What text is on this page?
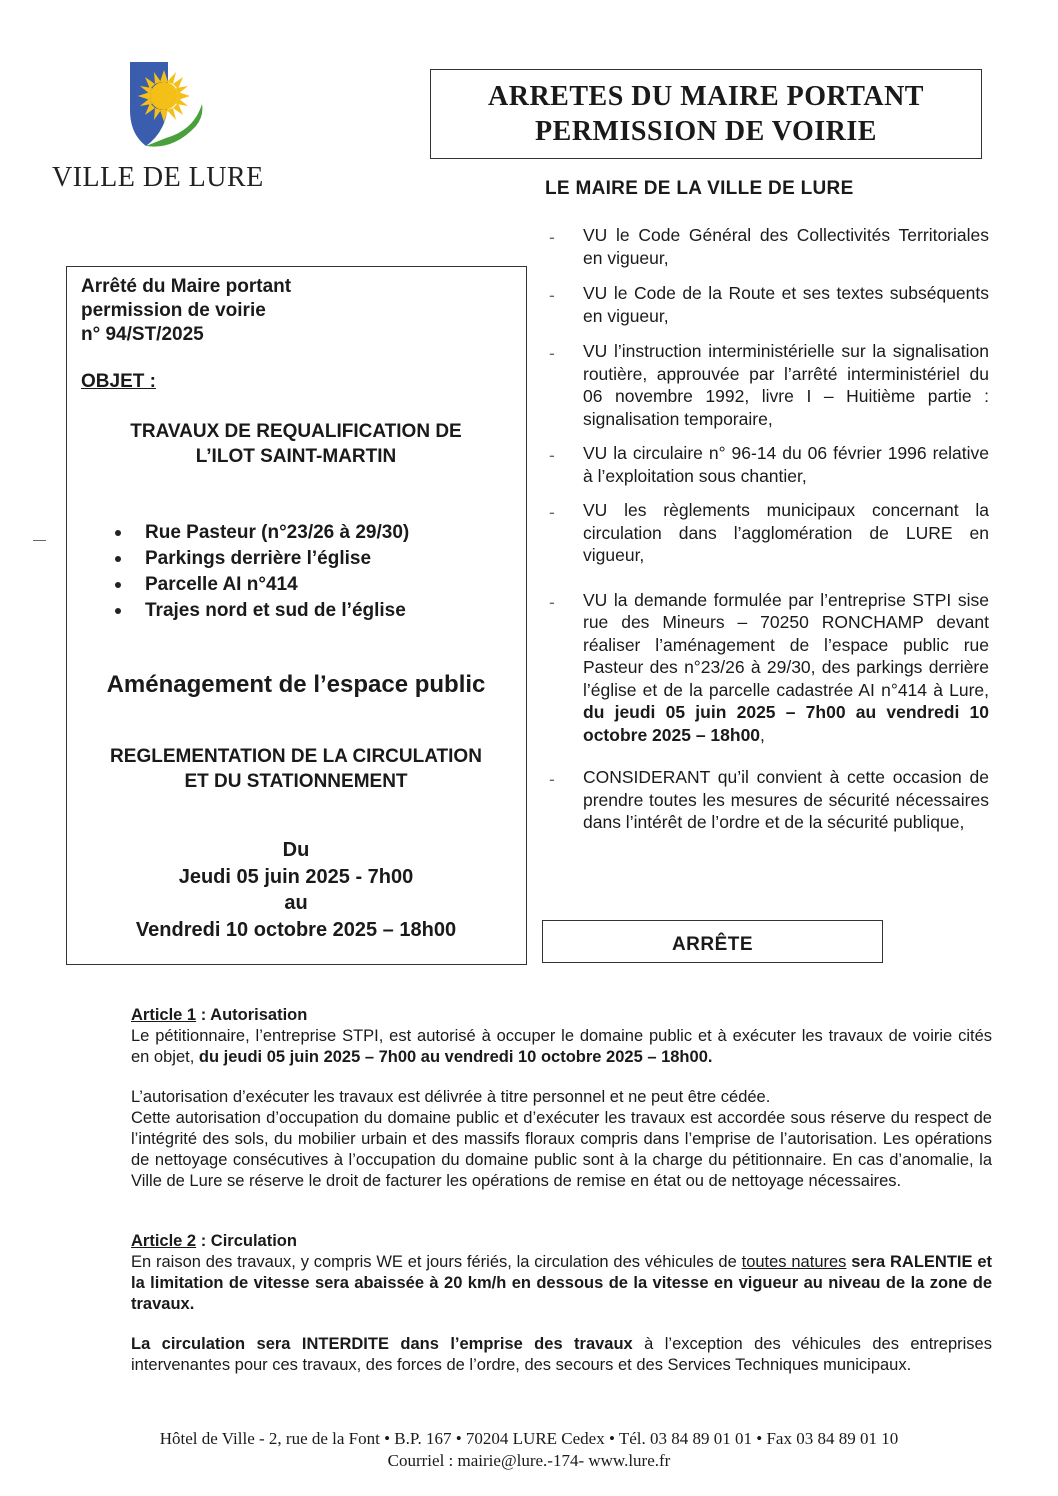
VILLE DE LURE
ARRETES DU MAIRE PORTANT
PERMISSION DE VOIRIE
LE MAIRE DE LA VILLE DE LURE
Arrêté du Maire portant
permission de voirie
n° 94/ST/2025
OBJET :
TRAVAUX DE REQUALIFICATION DE
L’ILOT SAINT-MARTIN
Rue Pasteur (n°23/26 à 29/30)
Parkings derrière l’église
Parcelle AI n°414
Trajes nord et sud de l’église
Aménagement de l’espace public
REGLEMENTATION DE LA CIRCULATION
ET DU STATIONNEMENT
Du
Jeudi 05 juin 2025 - 7h00
au
Vendredi 10 octobre 2025 – 18h00
- VU le Code Général des Collectivités Territoriales en vigueur,
- VU le Code de la Route et ses textes subséquents en vigueur,
- VU l’instruction interministérielle sur la signalisation routière, approuvée par l’arrêté interministériel du 06 novembre 1992, livre I – Huitième partie : signalisation temporaire,
- VU la circulaire n° 96-14 du 06 février 1996 relative à l’exploitation sous chantier,
- VU les règlements municipaux concernant la circulation dans l’agglomération de LURE en vigueur,
- VU la demande formulée par l’entreprise STPI sise rue des Mineurs – 70250 RONCHAMP devant réaliser l’aménagement de l’espace public rue Pasteur des n°23/26 à 29/30, des parkings derrière l’église et de la parcelle cadastrée AI n°414 à Lure, du jeudi 05 juin 2025 – 7h00 au vendredi 10 octobre 2025 – 18h00,
- CONSIDERANT qu’il convient à cette occasion de prendre toutes les mesures de sécurité nécessaires dans l’intérêt de l’ordre et de la sécurité publique,
ARRÊTE
Article 1 : Autorisation
Le pétitionnaire, l’entreprise STPI, est autorisé à occuper le domaine public et à exécuter les travaux de voirie cités en objet, du jeudi 05 juin 2025 – 7h00 au vendredi 10 octobre 2025 – 18h00.
L’autorisation d’exécuter les travaux est délivrée à titre personnel et ne peut être cédée.
Cette autorisation d’occupation du domaine public et d’exécuter les travaux est accordée sous réserve du respect de l’intégrité des sols, du mobilier urbain et des massifs floraux compris dans l’emprise de l’autorisation. Les opérations de nettoyage consécutives à l’occupation du domaine public sont à la charge du pétitionnaire. En cas d’anomalie, la Ville de Lure se réserve le droit de facturer les opérations de remise en état ou de nettoyage nécessaires.
Article 2 : Circulation
En raison des travaux, y compris WE et jours fériés, la circulation des véhicules de toutes natures sera RALENTIE et la limitation de vitesse sera abaissée à 20 km/h en dessous de la vitesse en vigueur au niveau de la zone de travaux.
La circulation sera INTERDITE dans l’emprise des travaux à l’exception des véhicules des entreprises intervenantes pour ces travaux, des forces de l’ordre, des secours et des Services Techniques municipaux.
Hôtel de Ville - 2, rue de la Font • B.P. 167 • 70204 LURE Cedex • Tél. 03 84 89 01 01 • Fax 03 84 89 01 10
Courriel : mairie@lure.-174- www.lure.fr
